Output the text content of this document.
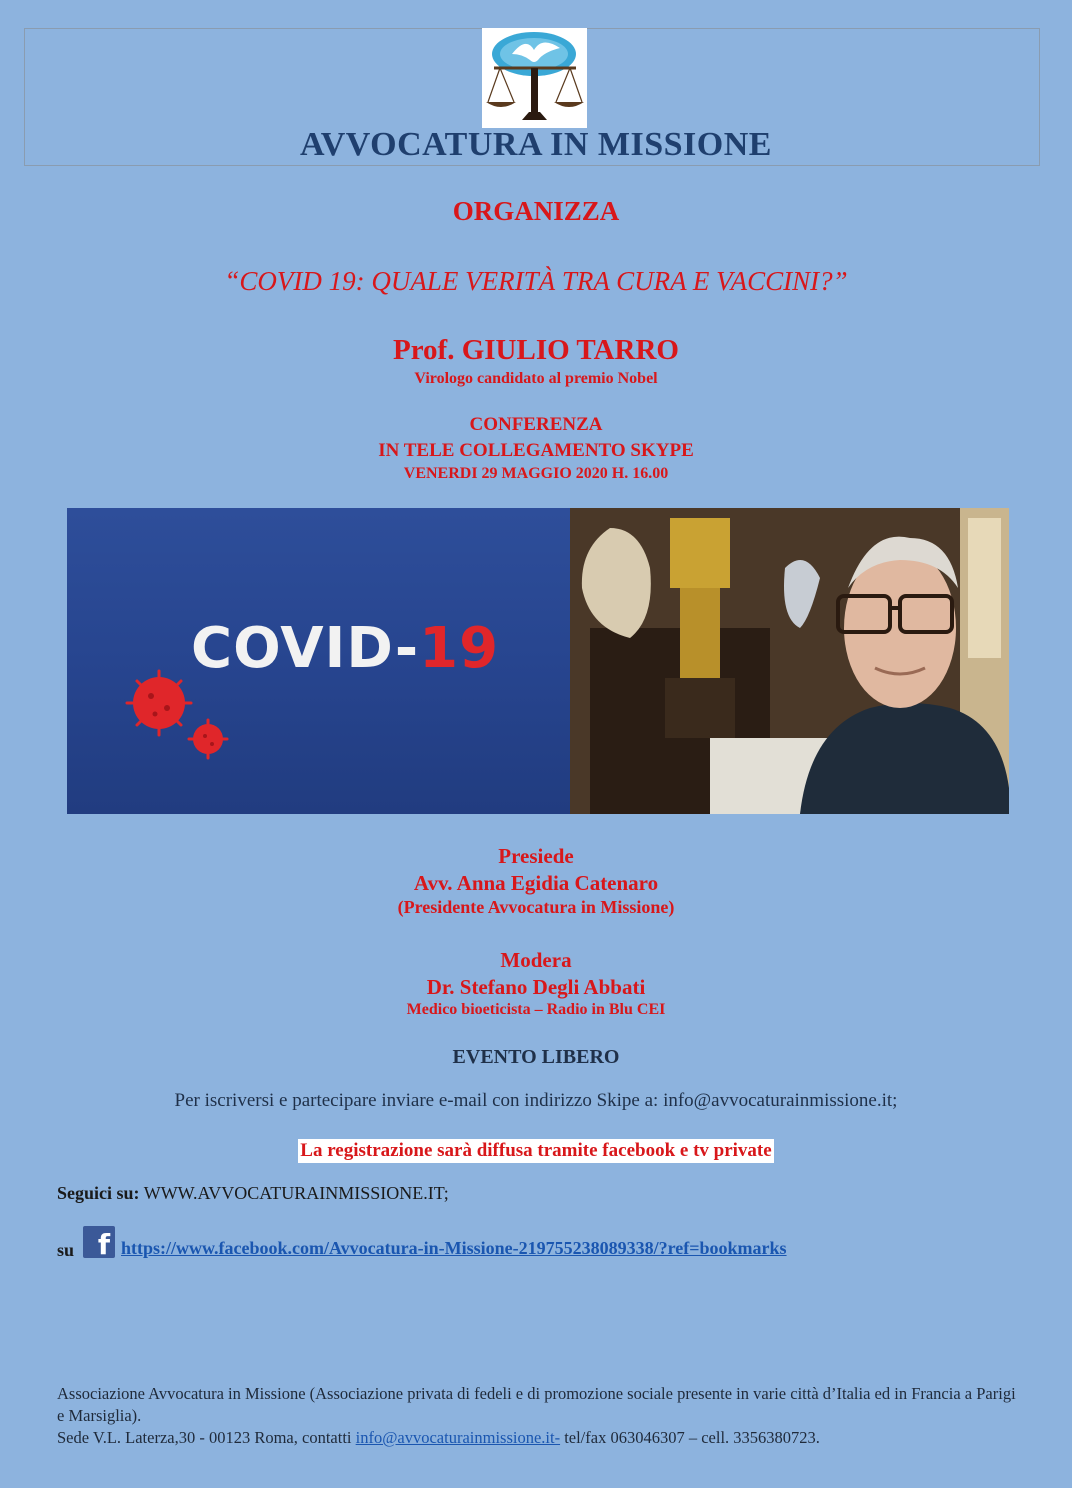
AVVOCATURA IN MISSIONE
ORGANIZZA
“COVID 19: QUALE VERITÀ TRA CURA E VACCINI?”
Prof. GIULIO TARRO
Virologo candidato al premio Nobel
CONFERENZA
IN TELE COLLEGAMENTO SKYPE
VENERDI 29 MAGGIO 2020 H. 16.00
COVID-19
Presiede
Avv. Anna Egidia Catenaro
(Presidente Avvocatura in Missione)
Modera
Dr. Stefano Degli Abbati
Medico bioeticista – Radio in Blu CEI
EVENTO LIBERO
Per iscriversi e partecipare inviare e-mail con indirizzo Skipe a: info@avvocaturainmissione.it;
La registrazione sarà diffusa tramite facebook e tv private
Seguici su: WWW.AVVOCATURAINMISSIONE.IT;
su f https://www.facebook.com/Avvocatura-in-Missione-219755238089338/?ref=bookmarks
Associazione Avvocatura in Missione (Associazione privata di fedeli e di promozione sociale presente in varie città d’Italia ed in Francia a Parigi e Marsiglia).
Sede V.L. Laterza,30 - 00123 Roma, contatti info@avvocaturainmissione.it- tel/fax 063046307 – cell. 3356380723.
